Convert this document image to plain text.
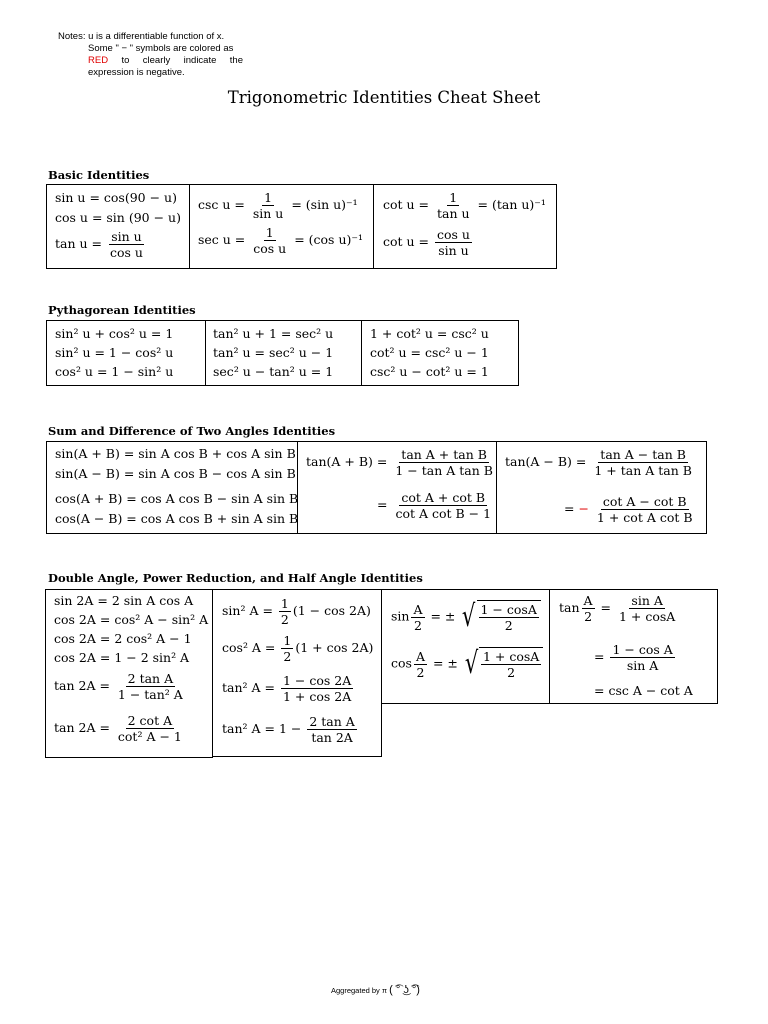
Notes: u is a differentiable function of x.
Some " − " symbols are colored as
RED to clearly indicate the
expression is negative.
Trigonometric Identities Cheat Sheet
Basic Identities
sin u = cos(90 − u)
cos u = sin (90 − u)
$\tan u = \frac{\text{sin u}}{\text{cos u}}$
$\csc u = \frac{1}{\text{sin u}} = (\sin$ u)⁻¹
$\sec u = \frac{1}{\text{cos u}} = (\cos$ u)⁻¹
$\cot u = \frac{1}{\text{tan u}} = (\tan$ u)⁻¹
$\cot u = \frac{\text{cos u}}{\text{sin u}}$
Pythagorean Identities
sin² u + cos² u = 1
sin² u = 1 − cos² u
cos² u = 1 − sin² u
tan² u + 1 = sec² u
tan² u = sec² u − 1
sec² u − tan² u = 1
1 + cot² u = csc² u
cot² u = csc² u − 1
csc² u − cot² u = 1
Sum and Difference of Two Angles Identities
sin(A + B) = sin A cos B + cos A sin B
sin(A − B) = sin A cos B − cos A sin B
cos(A + B) = cos A cos B − sin A sin B
cos(A − B) = cos A cos B + sin A sin B
$\tan(A + B) = \frac{\text{tan A + tan B}}{\text{1 − tan A tan B}}$
= $\frac{\text{cot A + cot B}}{\text{cot A cot B − 1}}$
$\tan(A - B) = \frac{\text{tan A − tan B}}{\text{1 + tan A tan B}}$
= − $\frac{\text{cot A − cot B}}{\text{1 + cot A cot B}}$
Double Angle, Power Reduction, and Half Angle Identities
sin 2A = 2 sin A cos A
cos 2A = cos² A − sin² A
cos 2A = 2 cos² A − 1
cos 2A = 1 − 2 sin² A
$\tan 2A = \frac{\text{2 tan A}}{\text{1 − tan² A}}$
$\tan 2A = \frac{\text{2 cot A}}{\text{cot² A − 1}}$
sin² $A = \frac{1}{2} (1 - \cos 2A)$
cos² $A = \frac{1}{2} (1 + \cos 2A)$
tan² $A = \frac{1 - \cos 2A}{1 + \cos 2A}$
tan² $A = 1 - \frac{\text{2 tan A}}{\tan 2A}$
$\sin \frac{A}{2}$ = ± √ $\frac{1 - \cos A}{2}$
$\cos \frac{A}{2}$ = ± √ $\frac{1 + \cos A}{2}$
$\tan \frac{A}{2} = \frac{\text{sin A}}{1 + \cos A}$
= $\frac{\text{1 − cos A}}{\text{sin A}}$
= csc A − cot A
Aggregated by π ( ͡° ͜ʖ ͡°)
